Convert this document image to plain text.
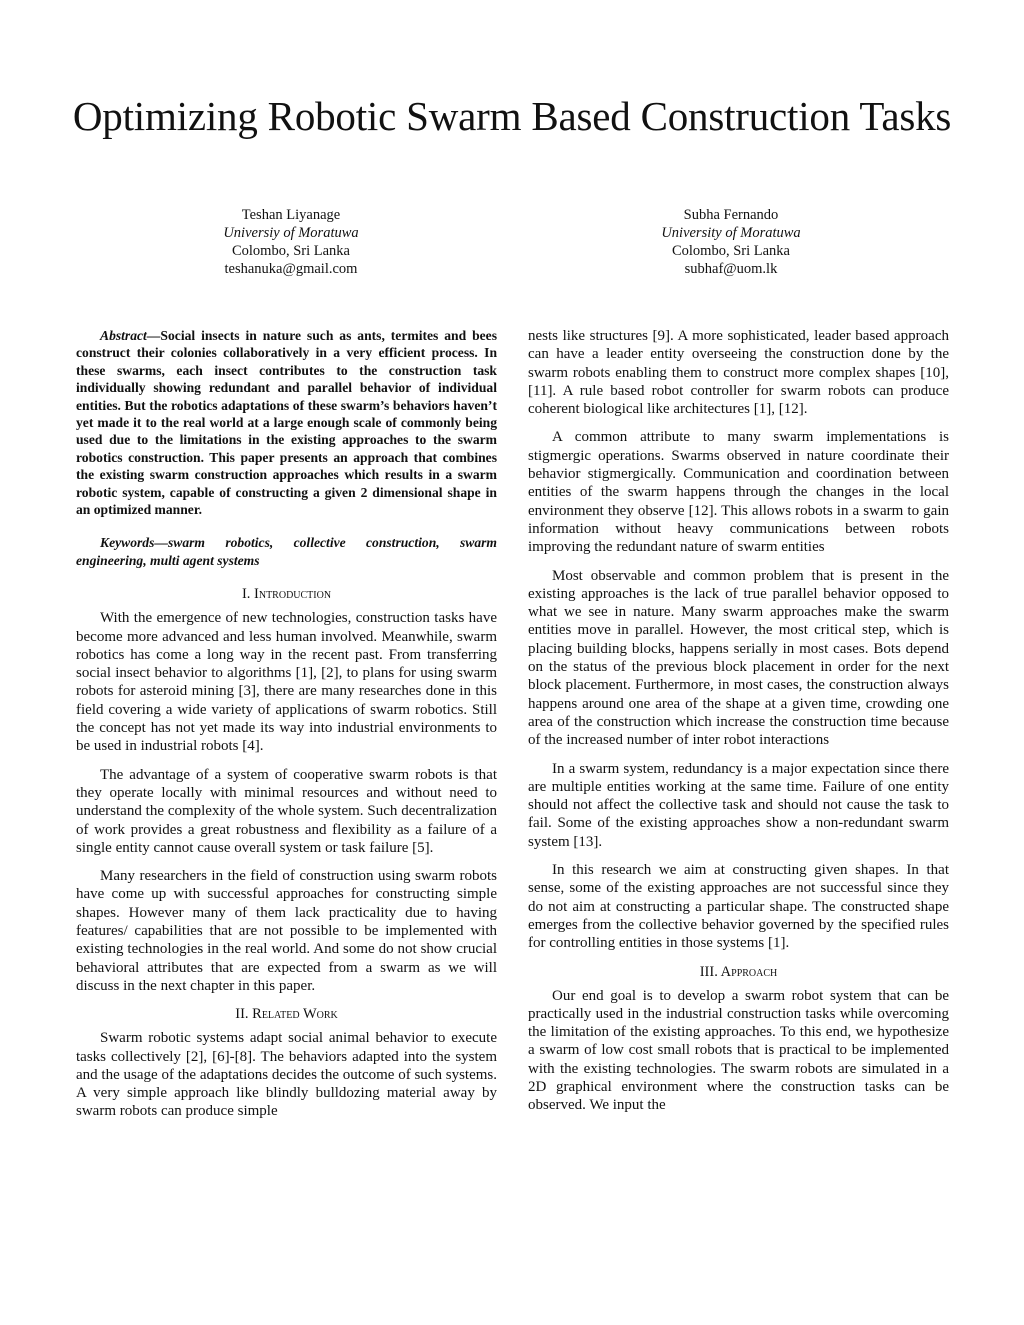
Optimizing Robotic Swarm Based Construction Tasks
Teshan Liyanage
Universiy of Moratuwa
Colombo, Sri Lanka
teshanuka@gmail.com
Subha Fernando
University of Moratuwa
Colombo, Sri Lanka
subhaf@uom.lk

Abstract—Social insects in nature such as ants, termites and bees construct their colonies collaboratively in a very efficient process. In these swarms, each insect contributes to the construction task individually showing redundant and parallel behavior of individual entities. But the robotics adaptations of these swarm’s behaviors haven’t yet made it to the real world at a large enough scale of commonly being used due to the limitations in the existing approaches to the swarm robotics construction. This paper presents an approach that combines the existing swarm construction approaches which results in a swarm robotic system, capable of constructing a given 2 dimensional shape in an optimized manner.

Keywords—swarm robotics, collective construction, swarm engineering, multi agent systems

I. Introduction

With the emergence of new technologies, construction tasks have become more advanced and less human involved. Meanwhile, swarm robotics has come a long way in the recent past. From transferring social insect behavior to algorithms [1], [2], to plans for using swarm robots for asteroid mining [3], there are many researches done in this field covering a wide variety of applications of swarm robotics. Still the concept has not yet made its way into industrial environments to be used in industrial robots [4].

The advantage of a system of cooperative swarm robots is that they operate locally with minimal resources and without need to understand the complexity of the whole system. Such decentralization of work provides a great robustness and flexibility as a failure of a single entity cannot cause overall system or task failure [5].

Many researchers in the field of construction using swarm robots have come up with successful approaches for constructing simple shapes. However many of them lack practicality due to having features/ capabilities that are not possible to be implemented with existing technologies in the real world. And some do not show crucial behavioral attributes that are expected from a swarm as we will discuss in the next chapter in this paper.

II. Related Work

Swarm robotic systems adapt social animal behavior to execute tasks collectively [2], [6]-[8]. The behaviors adapted into the system and the usage of the adaptations decides the outcome of such systems. A very simple approach like blindly bulldozing material away by swarm robots can produce simple

nests like structures [9]. A more sophisticated, leader based approach can have a leader entity overseeing the construction done by the swarm robots enabling them to construct more complex shapes [10], [11]. A rule based robot controller for swarm robots can produce coherent biological like architectures [1], [12].

A common attribute to many swarm implementations is stigmergic operations. Swarms observed in nature coordinate their behavior stigmergically. Communication and coordination between entities of the swarm happens through the changes in the local environment they observe [12]. This allows robots in a swarm to gain information without heavy communications between robots improving the redundant nature of swarm entities

Most observable and common problem that is present in the existing approaches is the lack of true parallel behavior opposed to what we see in nature. Many swarm approaches make the swarm entities move in parallel. However, the most critical step, which is placing building blocks, happens serially in most cases. Bots depend on the status of the previous block placement in order for the next block placement. Furthermore, in most cases, the construction always happens around one area of the shape at a given time, crowding one area of the construction which increase the construction time because of the increased number of inter robot interactions

In a swarm system, redundancy is a major expectation since there are multiple entities working at the same time. Failure of one entity should not affect the collective task and should not cause the task to fail. Some of the existing approaches show a non-redundant swarm system [13].

In this research we aim at constructing given shapes. In that sense, some of the existing approaches are not successful since they do not aim at constructing a particular shape. The constructed shape emerges from the collective behavior governed by the specified rules for controlling entities in those systems [1].

III. Approach

Our end goal is to develop a swarm robot system that can be practically used in the industrial construction tasks while overcoming the limitation of the existing approaches. To this end, we hypothesize a swarm of low cost small robots that is practical to be implemented with the existing technologies. The swarm robots are simulated in a 2D graphical environment where the construction tasks can be observed. We input the
